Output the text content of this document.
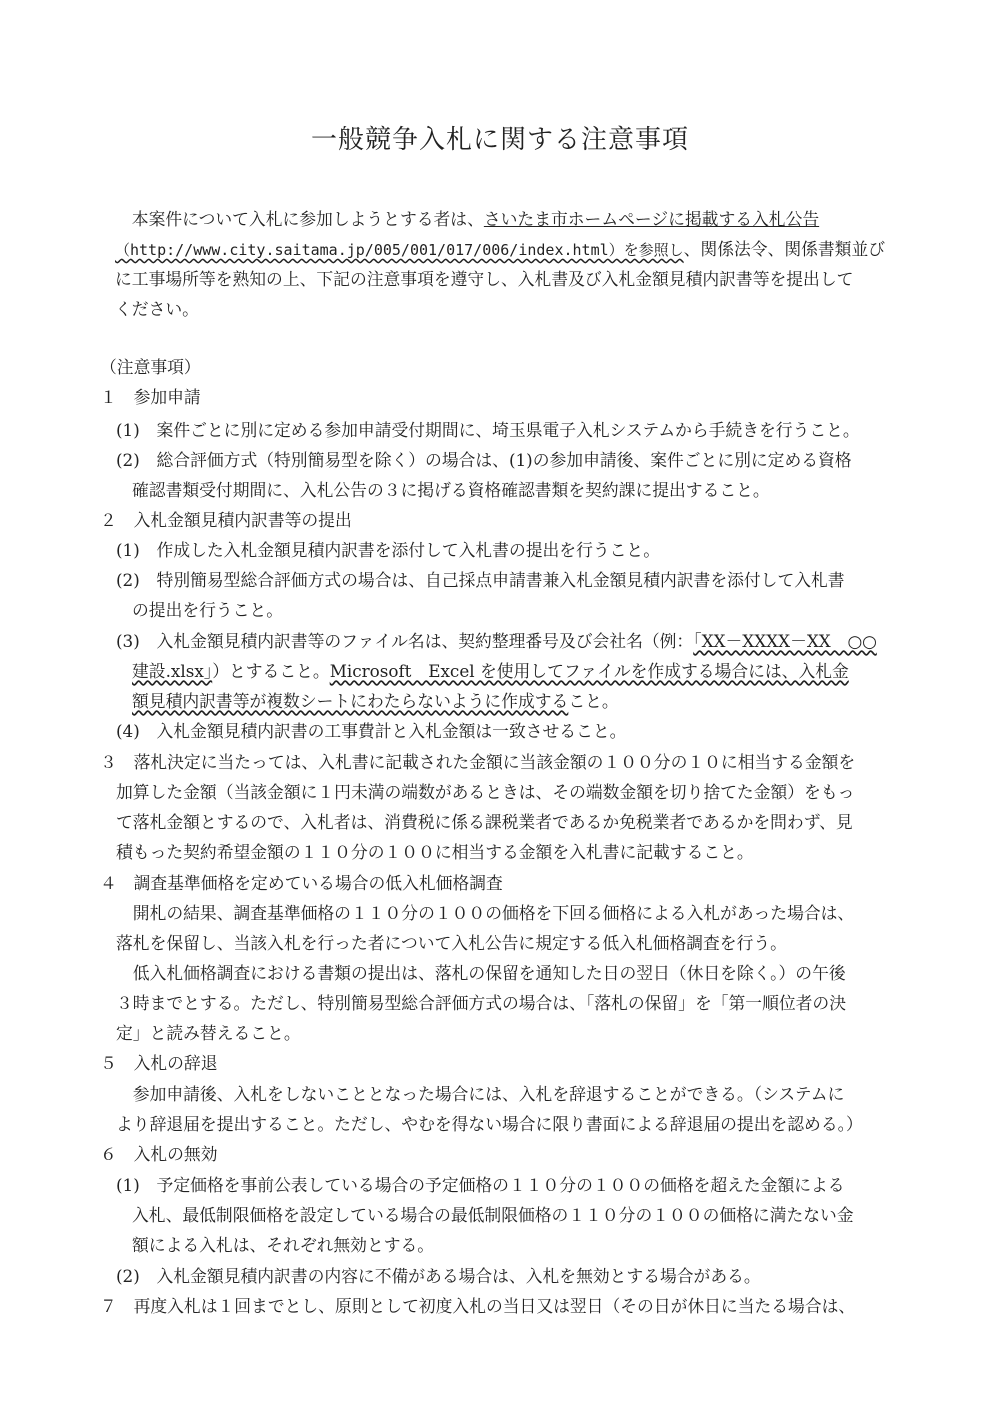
一般競争入札に関する注意事項
　本案件について入札に参加しようとする者は、さいたま市ホームページに掲載する入札公告
（http://www.city.saitama.jp/005/001/017/006/index.html）を参照し、関係法令、関係書類並び
に工事場所等を熟知の上、下記の注意事項を遵守し、入札書及び入札金額見積内訳書等を提出して
ください。
（注意事項）
１　参加申請
(1)　案件ごとに別に定める参加申請受付期間に、埼玉県電子入札システムから手続きを行うこと。
(2)　総合評価方式（特別簡易型を除く）の場合は、(1)の参加申請後、案件ごとに別に定める資格
確認書類受付期間に、入札公告の３に掲げる資格確認書類を契約課に提出すること。
２　入札金額見積内訳書等の提出
(1)　作成した入札金額見積内訳書を添付して入札書の提出を行うこと。
(2)　特別簡易型総合評価方式の場合は、自己採点申請書兼入札金額見積内訳書を添付して入札書
の提出を行うこと。
(3)　入札金額見積内訳書等のファイル名は、契約整理番号及び会社名（例：「XX－XXXX－XX　○○
建設.xlsx」）とすること。Microsoft　Excel を使用してファイルを作成する場合には、入札金
額見積内訳書等が複数シートにわたらないように作成すること。
(4)　入札金額見積内訳書の工事費計と入札金額は一致させること。
３　落札決定に当たっては、入札書に記載された金額に当該金額の１００分の１０に相当する金額を
加算した金額（当該金額に１円未満の端数があるときは、その端数金額を切り捨てた金額）をもっ
て落札金額とするので、入札者は、消費税に係る課税業者であるか免税業者であるかを問わず、見
積もった契約希望金額の１１０分の１００に相当する金額を入札書に記載すること。
４　調査基準価格を定めている場合の低入札価格調査
　開札の結果、調査基準価格の１１０分の１００の価格を下回る価格による入札があった場合は、
落札を保留し、当該入札を行った者について入札公告に規定する低入札価格調査を行う。
　低入札価格調査における書類の提出は、落札の保留を通知した日の翌日（休日を除く。）の午後
３時までとする。ただし、特別簡易型総合評価方式の場合は、「落札の保留」を「第一順位者の決
定」と読み替えること。
５　入札の辞退
　参加申請後、入札をしないこととなった場合には、入札を辞退することができる。（システムに
より辞退届を提出すること。ただし、やむを得ない場合に限り書面による辞退届の提出を認める。）
６　入札の無効
(1)　予定価格を事前公表している場合の予定価格の１１０分の１００の価格を超えた金額による
入札、最低制限価格を設定している場合の最低制限価格の１１０分の１００の価格に満たない金
額による入札は、それぞれ無効とする。
(2)　入札金額見積内訳書の内容に不備がある場合は、入札を無効とする場合がある。
７　再度入札は１回までとし、原則として初度入札の当日又は翌日（その日が休日に当たる場合は、
